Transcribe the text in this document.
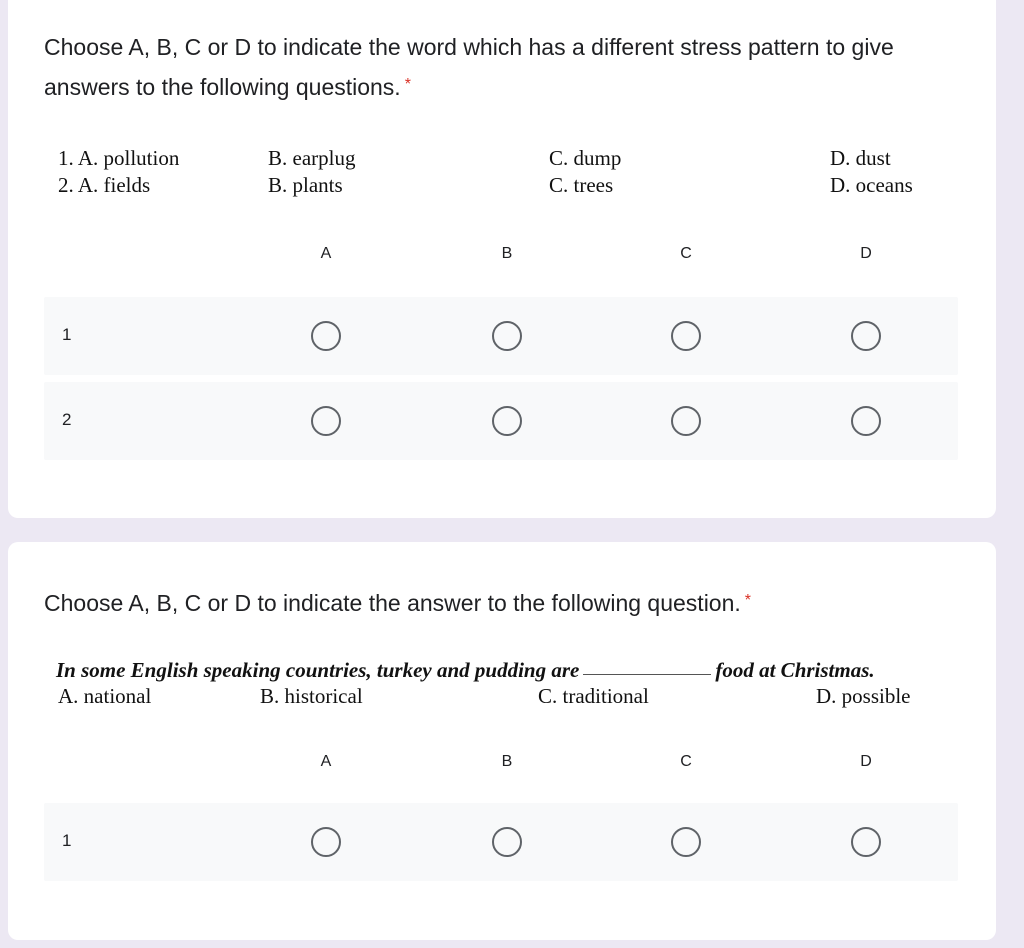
Choose A, B, C or D to indicate the word which has a different stress pattern to give answers to the following questions. *
1. A. pollution	B. earplug	C. dump	D. dust
2. A. fields	B. plants	C. trees	D. oceans
A	B	C	D
1
2
Choose A, B, C or D to indicate the answer to the following question. *
In some English speaking countries, turkey and pudding are	food at Christmas.
A. national	B. historical	C. traditional	D. possible
A	B	C	D
1
